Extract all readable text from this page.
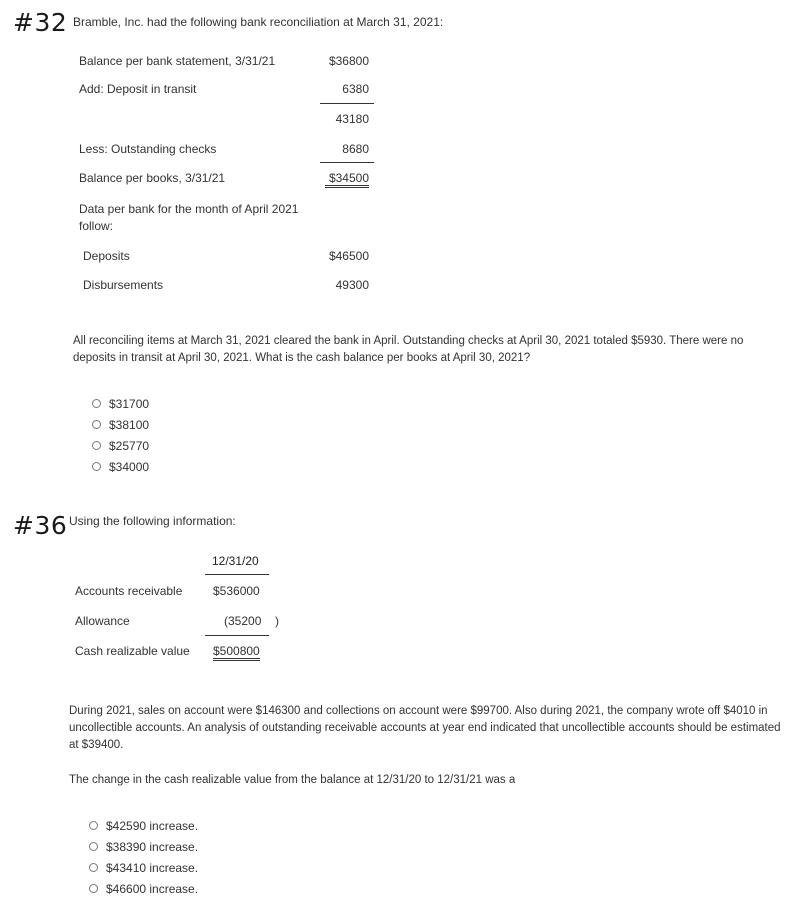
#32 Bramble, Inc. had the following bank reconciliation at March 31, 2021:
Balance per bank statement, 3/31/21	$36800
Add: Deposit in transit	6380
43180
Less: Outstanding checks	8680
Balance per books, 3/31/21	$34500
Data per bank for the month of April 2021 follow:
Deposits	$46500
Disbursements	49300
All reconciling items at March 31, 2021 cleared the bank in April. Outstanding checks at April 30, 2021 totaled $5930. There were no deposits in transit at April 30, 2021. What is the cash balance per books at April 30, 2021?
$31700
$38100
$25770
$34000
#36 Using the following information:
12/31/20
Accounts receivable	$536000
Allowance	(35200 )
Cash realizable value $500800
During 2021, sales on account were $146300 and collections on account were $99700. Also during 2021, the company wrote off $4010 in uncollectible accounts. An analysis of outstanding receivable accounts at year end indicated that uncollectible accounts should be estimated at $39400.
The change in the cash realizable value from the balance at 12/31/20 to 12/31/21 was a
$42590 increase.
$38390 increase.
$43410 increase.
$46600 increase.
